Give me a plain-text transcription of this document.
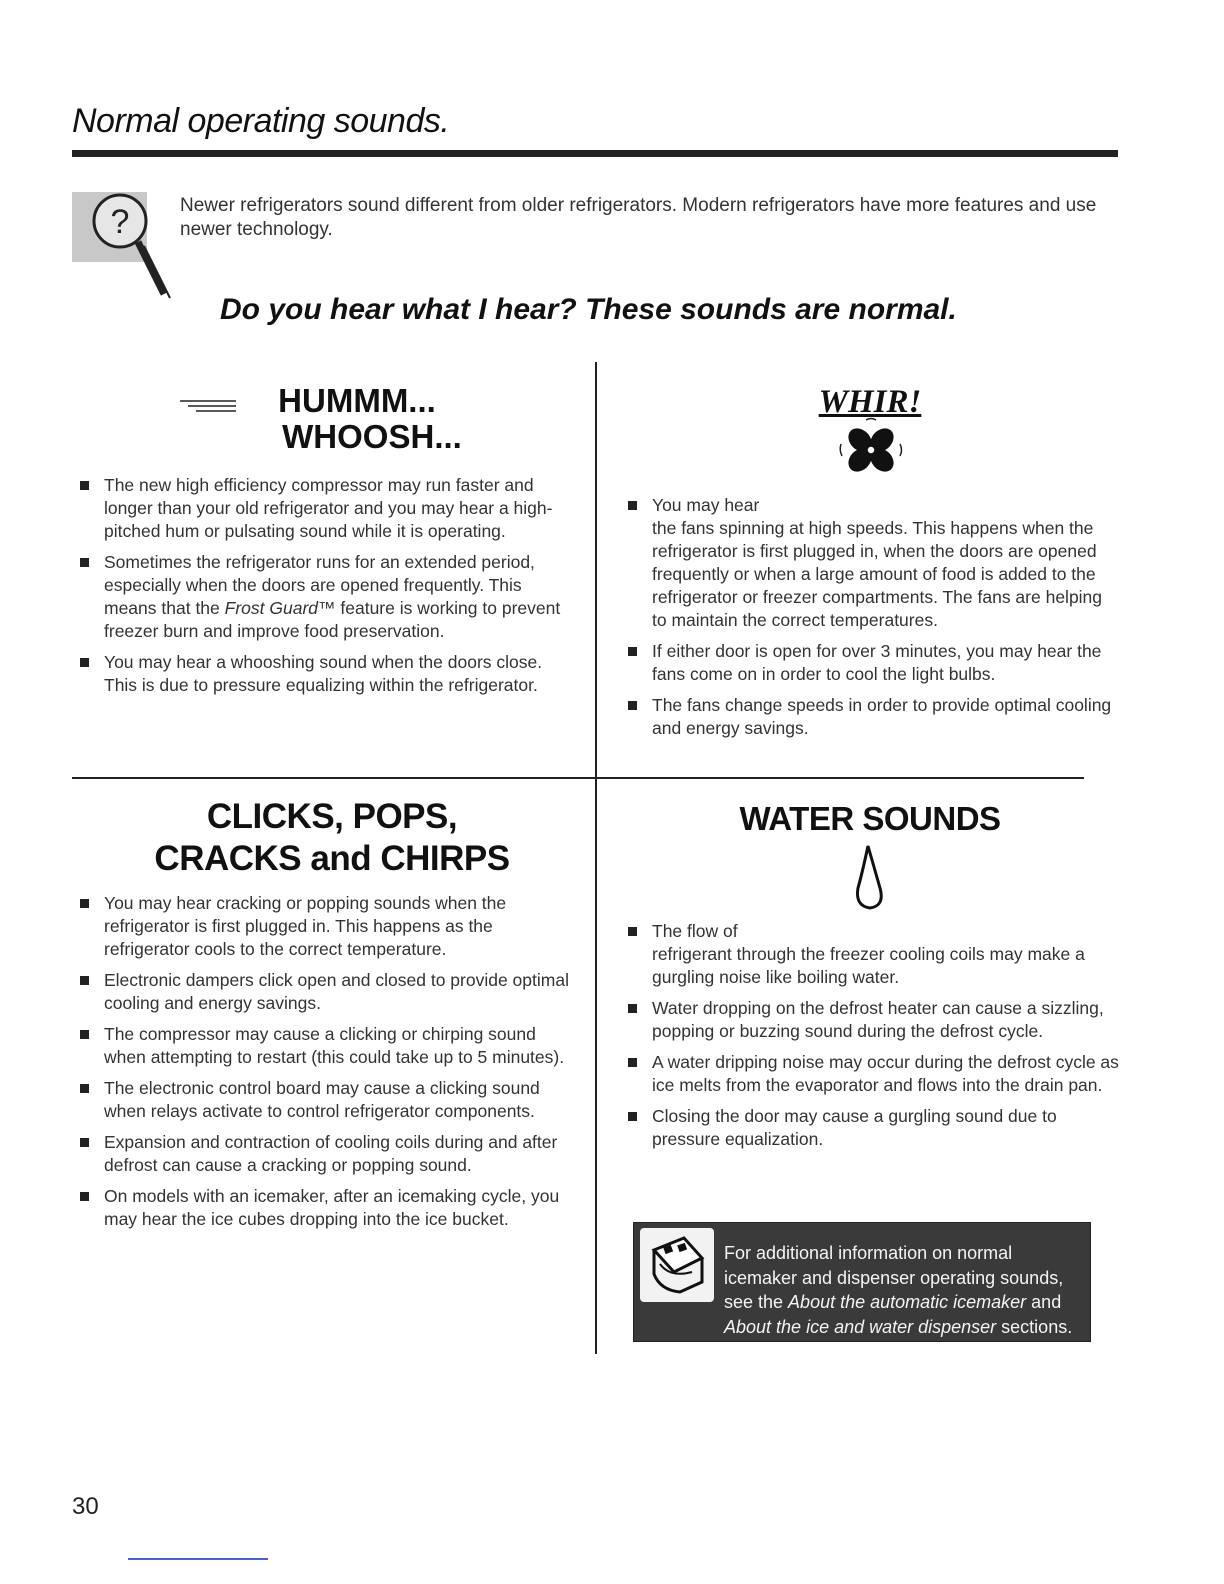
Normal operating sounds.
?	Newer refrigerators sound different from older refrigerators. Modern refrigerators have more features and use newer technology.
Do you hear what I hear? These sounds are normal.
HUMMM...
WHOOSH...
The new high efficiency compressor may run faster and longer than your old refrigerator and you may hear a high-pitched hum or pulsating sound while it is operating.
Sometimes the refrigerator runs for an extended period, especially when the doors are opened frequently. This means that the Frost Guard™ feature is working to prevent freezer burn and improve food preservation.
You may hear a whooshing sound when the doors close. This is due to pressure equalizing within the refrigerator.
WHIR!
You may hear
the fans spinning at high speeds. This happens when the refrigerator is first plugged in, when the doors are opened frequently or when a large amount of food is added to the refrigerator or freezer compartments. The fans are helping to maintain the correct temperatures.
If either door is open for over 3 minutes, you may hear the fans come on in order to cool the light bulbs.
The fans change speeds in order to provide optimal cooling and energy savings.
CLICKS, POPS,
CRACKS and CHIRPS
You may hear cracking or popping sounds when the refrigerator is first plugged in. This happens as the refrigerator cools to the correct temperature.
Electronic dampers click open and closed to provide optimal cooling and energy savings.
The compressor may cause a clicking or chirping sound when attempting to restart (this could take up to 5 minutes).
The electronic control board may cause a clicking sound when relays activate to control refrigerator components.
Expansion and contraction of cooling coils during and after defrost can cause a cracking or popping sound.
On models with an icemaker, after an icemaking cycle, you may hear the ice cubes dropping into the ice bucket.
WATER SOUNDS
The flow of
refrigerant through the freezer cooling coils may make a gurgling noise like boiling water.
Water dropping on the defrost heater can cause a sizzling, popping or buzzing sound during the defrost cycle.
A water dripping noise may occur during the defrost cycle as ice melts from the evaporator and flows into the drain pan.
Closing the door may cause a gurgling sound due to pressure equalization.
For additional information on normal icemaker and dispenser operating sounds, see the About the automatic icemaker and About the ice and water dispenser sections.
30
